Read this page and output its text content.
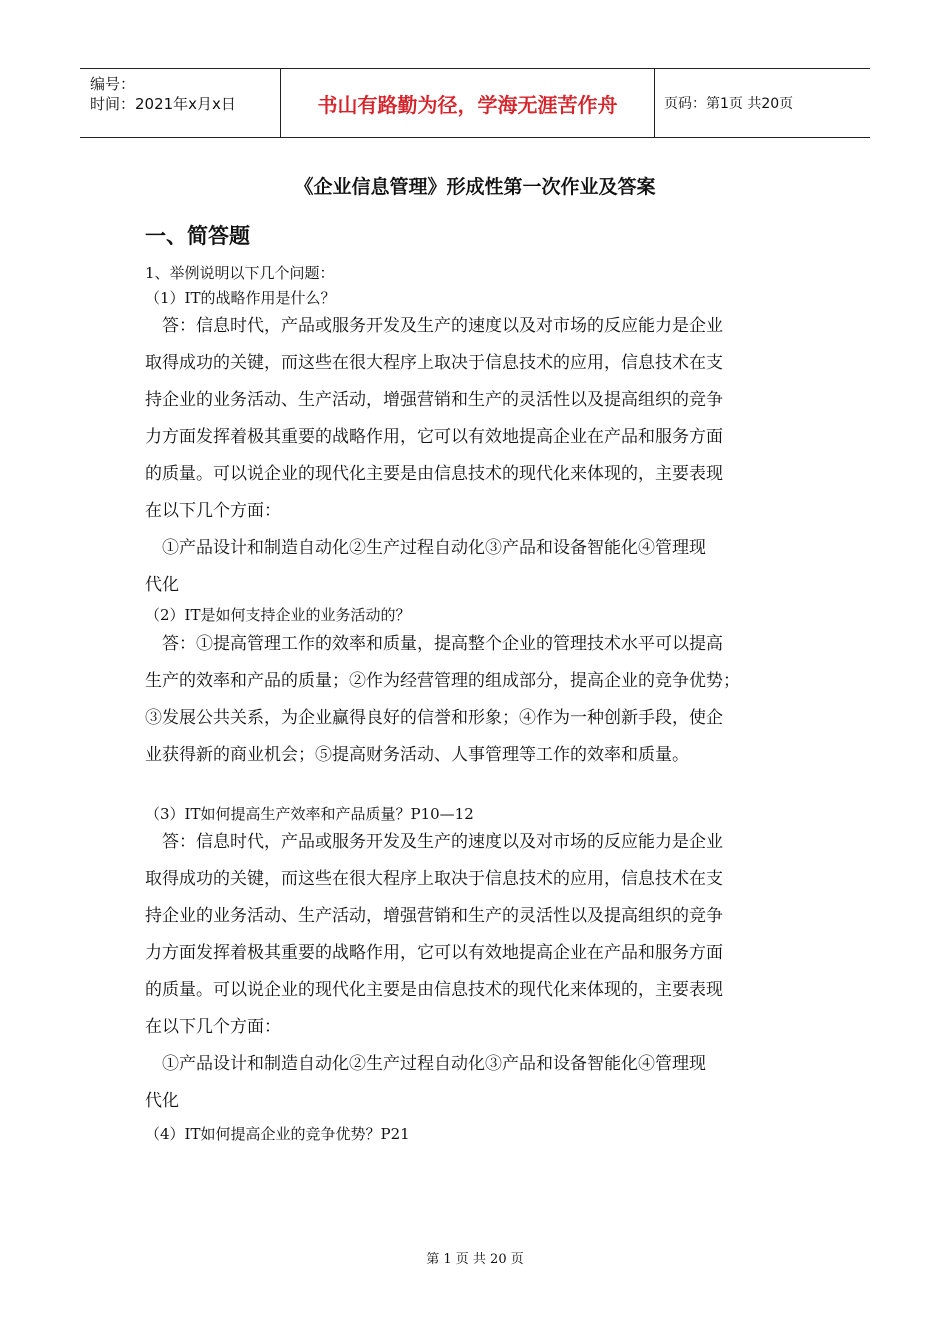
编号：
时间：2021年x月x日	书山有路勤为径，学海无涯苦作舟	页码：第1页 共20页
《企业信息管理》形成性第一次作业及答案
一、简答题
1、举例说明以下几个问题：
（1）IT的战略作用是什么？
　答：信息时代，产品或服务开发及生产的速度以及对市场的反应能力是企业
取得成功的关键，而这些在很大程序上取决于信息技术的应用，信息技术在支
持企业的业务活动、生产活动，增强营销和生产的灵活性以及提高组织的竞争
力方面发挥着极其重要的战略作用，它可以有效地提高企业在产品和服务方面
的质量。可以说企业的现代化主要是由信息技术的现代化来体现的，主要表现
在以下几个方面：
　①产品设计和制造自动化②生产过程自动化③产品和设备智能化④管理现
代化
（2）IT是如何支持企业的业务活动的？
　答：①提高管理工作的效率和质量，提高整个企业的管理技术水平可以提高
生产的效率和产品的质量；②作为经营管理的组成部分，提高企业的竞争优势；
③发展公共关系，为企业赢得良好的信誉和形象；④作为一种创新手段，使企
业获得新的商业机会；⑤提高财务活动、人事管理等工作的效率和质量。
（3）IT如何提高生产效率和产品质量？P10—12
　答：信息时代，产品或服务开发及生产的速度以及对市场的反应能力是企业
取得成功的关键，而这些在很大程序上取决于信息技术的应用，信息技术在支
持企业的业务活动、生产活动，增强营销和生产的灵活性以及提高组织的竞争
力方面发挥着极其重要的战略作用，它可以有效地提高企业在产品和服务方面
的质量。可以说企业的现代化主要是由信息技术的现代化来体现的，主要表现
在以下几个方面：
　①产品设计和制造自动化②生产过程自动化③产品和设备智能化④管理现
代化
（4）IT如何提高企业的竞争优势？P21
第 1 页 共 20 页
